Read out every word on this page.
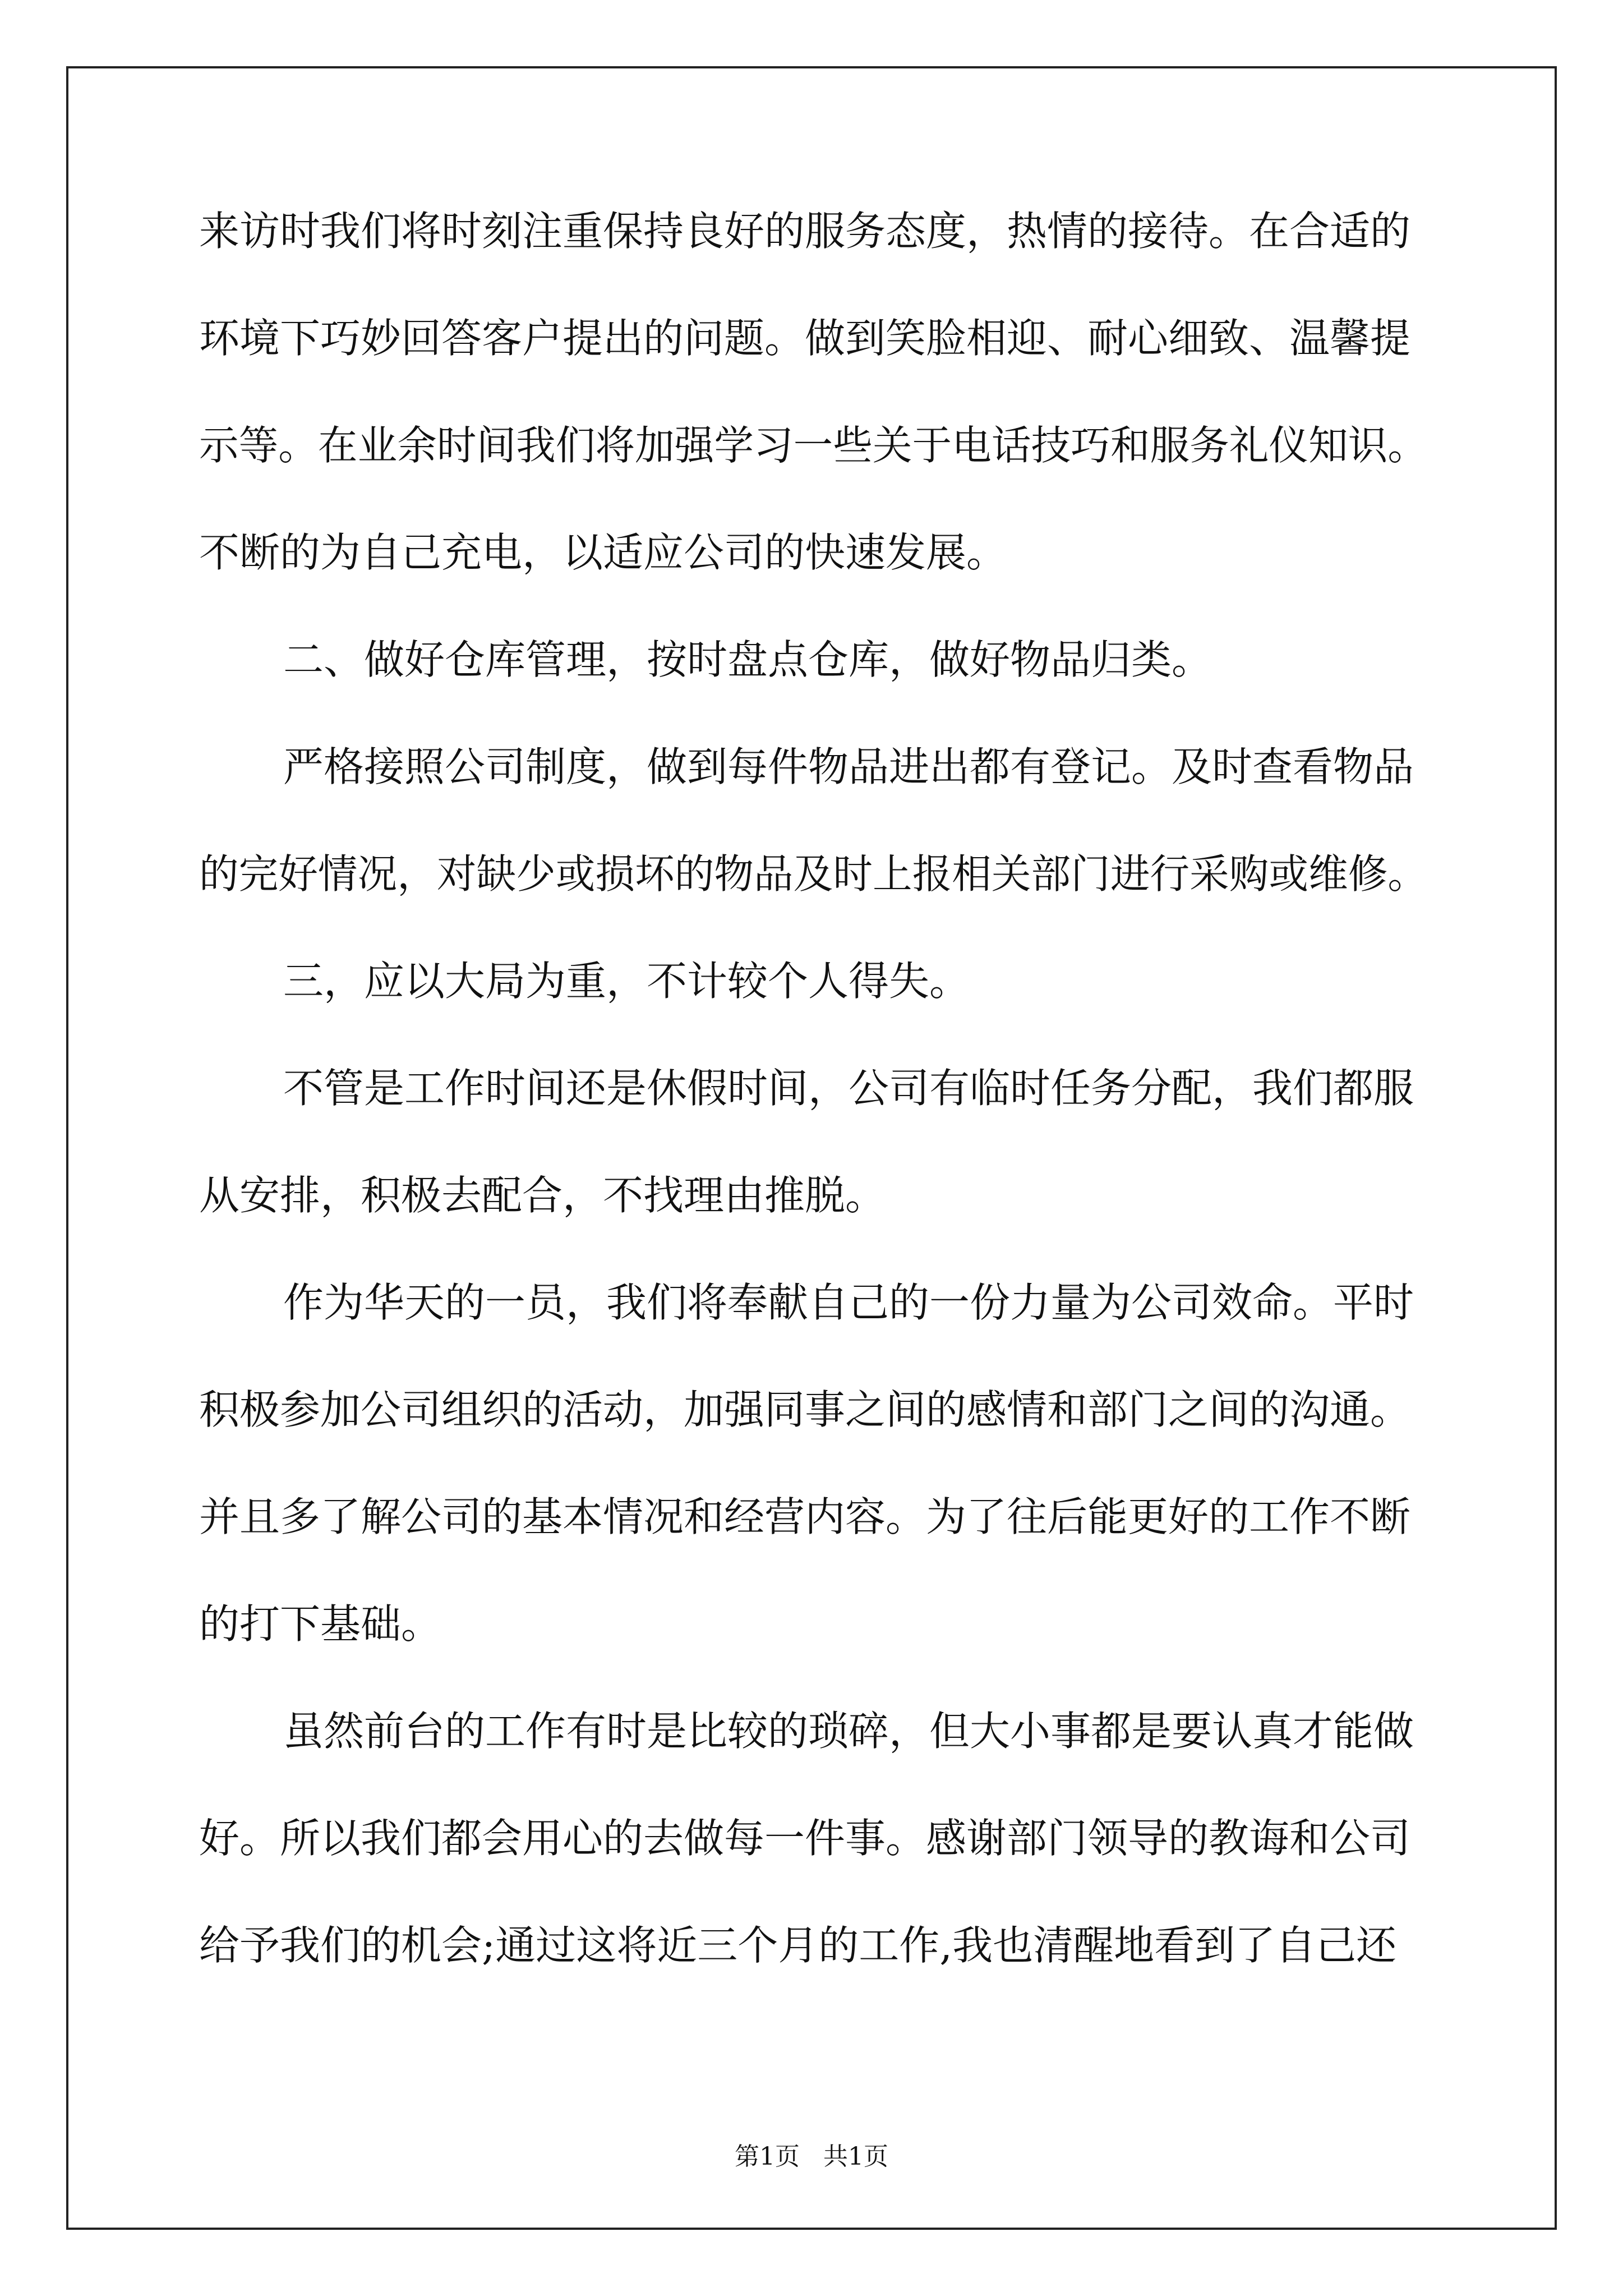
来访时我们将时刻注重保持良好的服务态度，热情的接待。在合适的
环境下巧妙回答客户提出的问题。做到笑脸相迎、耐心细致、温馨提
示等。在业余时间我们将加强学习一些关于电话技巧和服务礼仪知识。
不断的为自己充电，以适应公司的快速发展。
二、做好仓库管理，按时盘点仓库，做好物品归类。
严格接照公司制度，做到每件物品进出都有登记。及时查看物品
的完好情况，对缺少或损坏的物品及时上报相关部门进行采购或维修。
三，应以大局为重，不计较个人得失。
不管是工作时间还是休假时间，公司有临时任务分配，我们都服
从安排，积极去配合，不找理由推脱。
作为华天的一员，我们将奉献自己的一份力量为公司效命。平时
积极参加公司组织的活动，加强同事之间的感情和部门之间的沟通。
并且多了解公司的基本情况和经营内容。为了往后能更好的工作不断
的打下基础。
虽然前台的工作有时是比较的琐碎，但大小事都是要认真才能做
好。所以我们都会用心的去做每一件事。感谢部门领导的教诲和公司
给予我们的机会;通过这将近三个月的工作,我也清醒地看到了自己还
第1页   共1页
